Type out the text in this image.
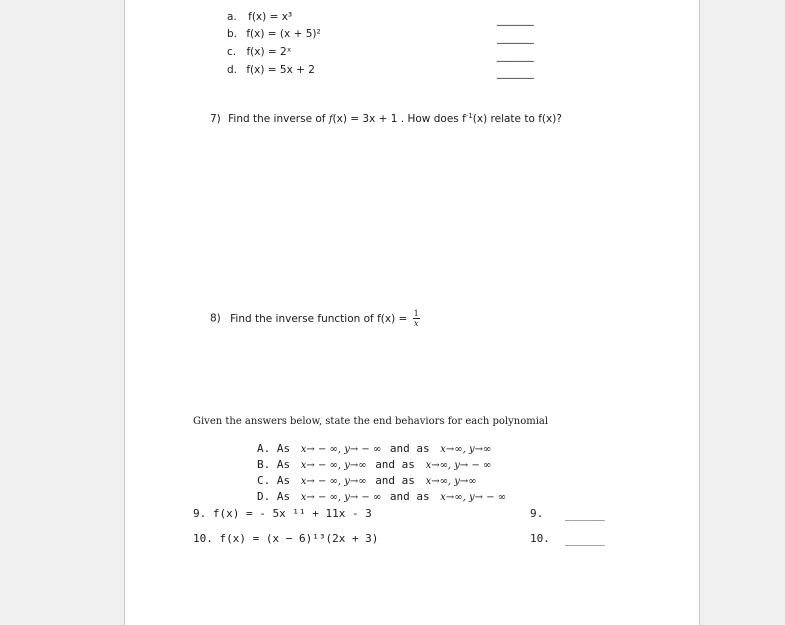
a. f(x) = x³
b. f(x) = (x + 5)²
c. f(x) = 2ˣ
d. f(x) = 5x + 2
_______
_______
_______
_______
7) Find the inverse of f(x) = 3x + 1 . How does $f^{-1}(x)$ relate to f(x)?
8) Find the inverse function of $f(x) = \frac{1}{x}$
Given the answers below, state the end behaviors for each polynomial
A. As x→ − ∞, y→ − ∞ and as x→∞, y→∞
B. As x→ − ∞, y→∞ and as x→∞, y→ − ∞
C. As x→ − ∞, y→∞ and as x→∞, y→∞
D. As x→ − ∞, y→ − ∞ and as x→∞, y→ − ∞
9. f(x) = - 5x ¹¹ + 11x - 3	9. ______
10. f(x) = (x − 6)¹³(2x + 3)	10. ______
